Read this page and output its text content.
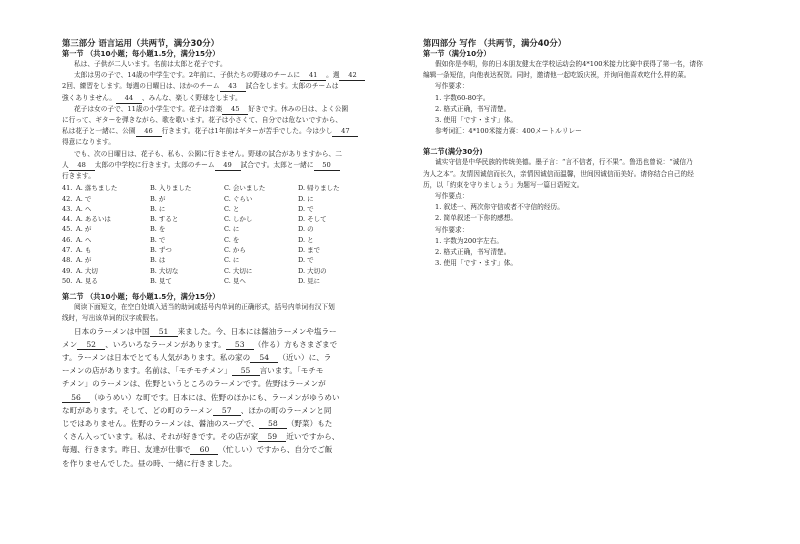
第三部分 语言运用（共两节，满分30分）
第一节 （共10小题；每小题1.5分，满分15分）
私は、子供が二人います。名前は太郎と花子です。
太郎は男の子で、14歳の中学生です。2年前に、子供たちの野球のチームに 41 。週 42
2回、練習をします。毎週の日曜日は、ほかのチーム 43 試合をします。太郎のチームは
強くありません。 44 、みんな、楽しく野球をします。
花子は女の子で、11歳の小学生です。花子は音楽 45 好きです。休みの日は、よく公園
に行って、ギターを弾きながら、歌を歌います。花子は小さくて、自分では危ないですから、
私は花子と一緒に、公園 46 行きます。花子は1年前はギターが苦手でした。今は少し 47
得意になります。
でも、次の日曜日は、花子も、私も、公園に行きません。野球の試合がありますから、二
人 48 太郎の中学校に行きます。太郎のチーム 49 試合です。太郎と一緒に 50
行きます。
41. A. 落ちました	B. 入りました	C. 会いました	D. 帰りました
42. A. で	B. が	C. ぐらい	D. に
43. A. へ	B. に	C. と	D. で
44. A. あるいは	B. すると	C. しかし	D. そして
45. A. が	B. を	C. に	D. の
46. A. へ	B. で	C. を	D. と
47. A. も	B. ずつ	C. から	D. まで
48. A. が	B. は	C. に	D. で
49. A. 大切	B. 大切な	C. 大切に	D. 大切の
50. A. 見る	B. 見て	C. 見へ	D. 見に
第二节 （共10小题；每小题1.5分，满分15分）
阅读下面短文，在空白处填入适当的助词或括号内单词的正确形式，括号内单词有汉下划
线时，写出该单词的汉字或假名。
日本のラーメンは中国 51 来ました。今、日本には醤油ラーメンや塩ラー
メン 52 、いろいろなラーメンがあります。 53 （作る）方もさまざまで
す。ラーメンは日本でとても人気があります。私の家の 54 （近い）に、ラ
ーメンの店があります。名前は、「モチモチメン」 55 言います。「モチモ
チメン」のラーメンは、佐野というところのラーメンです。佐野はラーメンが
56 （ゆうめい）な町です。日本には、佐野のほかにも、ラーメンがゆうめい
な町があります。そして、どの町のラーメン 57 、ほかの町のラーメンと同
じではありません。佐野のラーメンは、醤油のスープで、 58 （野菜）もた
くさん入っています。私は、それが好きです。その店が家 59 近いですから、
毎週、行きます。昨日、友達が仕事で 60 （忙しい）ですから、自分でご飯
を作りませんでした。昼の時、一緒に行きました。
第四部分 写作 （共两节，满分40分）
第一节（满分10分）
假如你是李明，你的日本朋友健太在学校运动会的4*100米接力比赛中获得了第一名，请你
编辑一条短信，向他表达祝贺。同时，邀请他一起吃饭庆祝，并询问他喜欢吃什么样的菜。
写作要求：
1. 字数60-80字。
2. 格式正确，书写清楚。
3. 使用「です・ます」体。
参考词汇：4*100米接力赛：400メートルリレー
第二节(满分30分)
诚实守信是中华民族的传统美德。墨子言：“言不信者，行不果”。鲁迅也曾说：“诚信乃
为人之本”。友情因诚信而长久，亲情因诚信而温馨，世间因诚信而美好。请你结合自己的经
历，以「約束を守りましょう」为题写一篇日语短文。
写作要点：
1. 叙述一、两次你守信或者不守信的经历。
2. 简单叙述一下你的感想。
写作要求：
1. 字数为200字左右。
2. 格式正确，书写清楚。
3. 使用「です・ます」体。
